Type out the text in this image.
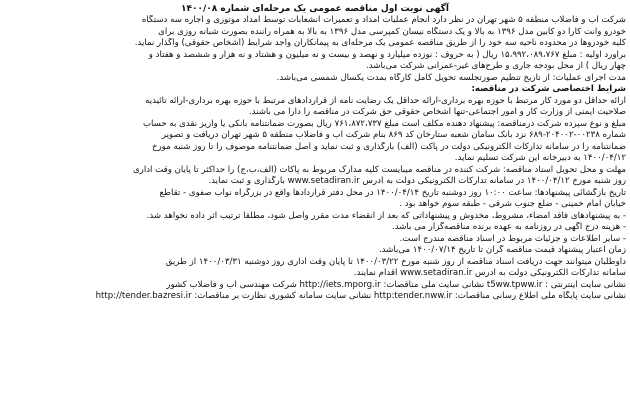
آگهی نوبت اول مناقصه عمومی یک مرحله‌ای شماره ۱۴۰۰/۰۸
شرکت آب و فاضلاب منطقه ۵ شهر تهران در نظر دارد انجام عملیات امداد و تعمیرات انشعابات توسط امداد موتوری و اجاره سه دستگاه
خودرو وانت کارا دو کابین مدل ۱۳۹۶ به بالا و یک دستگاه نیسان کمپرسی مدل ۱۳۹۶ به بالا به همراه راننده بصورت شبانه روزی برای
کلیه خودروها در محدوده ناحیه سه خود را از طریق مناقصه عمومی یک مرحله‌ای به پیمانکاران واجد شرایط (اشخاص حقوقی) واگذار نماید.
برآورد اولیه : مبلغ ۱۵،۹۹۲،۰۸۹،۷۶۷ ریال ( به حروف : نوزده میلیارد و نهصد و بیست و نه میلیون و هشتاد و نه هزار و ششصد و هفتاد و
چهار ریال ) از محل بودجه جاری و طرح‌های غیر-عمرانی شرکت می‌باشد.
مدت اجرای عملیات: از تاریخ تنظیم صورتجلسه تحویل کامل کارگاه بمدت یکسال شمسی می‌باشد.
شرایط اختصاصی شرکت در مناقصه:
ارائه حداقل دو مورد کار مرتبط با حوزه بهره برداری-ارائه حداقل یک رضایت نامه از قراردادهای مرتبط با حوزه بهره برداری-ارائه تائیدیه
صلاحیت ایمنی از وزارت کار و امور اجتماعی-تنها اشخاص حقوقی حق شرکت در مناقصه را دارا می باشند.
مبلغ و نوع سپرده شرکت درمناقصه: پیشنهاد دهنده مکلف است مبلغ ۷۶۱،۸۷۲،۷۳۷ ریال بصورت ضمانتنامه بانکی یا واریز نقدی به حساب
شماره ۰۰۲۳۸-۲۰۴۰۰۲-۶۸۹ نزد بانک سامان شعبه ستارخان کد ۸۶۹ بنام شرکت آب و فاضلاب منطقه ۵ شهر تهران دریافت و تصویر
ضمانتنامه را در سامانه تدارکات الکترونیکی دولت در پاکت (الف) بارگذاری و ثبت نماید و اصل ضمانتنامه موصوف را تا روز شنبه مورخ
۱۴۰۰/۰۴/۱۲ به دبیرخانه این شرکت تسلیم نماید.
مهلت و محل تحویل اسناد مناقصه: شرکت کننده در مناقصه میبایست کلیه مدارک مربوط به پاکات (الف،ب،ج) را حداکثر تا پایان وقت اداری
روز شنبه مورخ ۱۴۰۰/۰۴/۱۲ در سامانه تدارکات الکترونیکی دولت به آدرس www.setadiran.ir بارگذاری و ثبت نماید.
تاریخ بازگشائی پیشنهادها: ساعت ۱۰:۰۰ روز دوشنبه تاریخ ۱۴۰۰/۰۴/۱۴ در محل دفتر قراردادها واقع در بزرگراه نواب صفوی - تقاطع
خیابان امام خمینی - ضلع جنوب شرقی - طبقه سوم خواهد بود .
- به پیشنهادهای فاقد امضاء، مشروط، مخدوش و پیشنهاداتی که بعد از انقضاء مدت مقرر واصل شود، مطلقاً ترتیب اثر داده نخواهد شد.
- هزینه درج آگهی در روزنامه به عهده برنده مناقصه‌گزار می باشد.
- سایر اطلاعات و جزئیات مربوط در اسناد مناقصه مندرج است.
زمان اعتبار پیشنهاد قیمت مناقصه گران تا تاریخ ۱۴۰۰/۰۷/۱۴ می‌باشد.
داوطلبان میتوانند جهت دریافت اسناد مناقصه از روز شنبه مورخ ۱۴۰۰/۰۳/۲۲ تا پایان وقت اداری روز دوشنبه ۱۴۰۰/۰۳/۳۱ از طریق
سامانه تدارکات الکترونیکی دولت به آدرس www.setadiran.ir اقدام نمایند.
نشانی سایت اینترنتی : t5ww.tpww.ir نشانی سایت ملی مناقصات: http://iets.mporg.ir شرکت مهندسی آب و فاضلاب کشور
نشانی سایت پایگاه ملی اطلاع رسانی مناقصات: http:tender.nww.ir نشانی سایت سامانه کشوری نظارت بر مناقصات: http://tender.bazresi.ir
